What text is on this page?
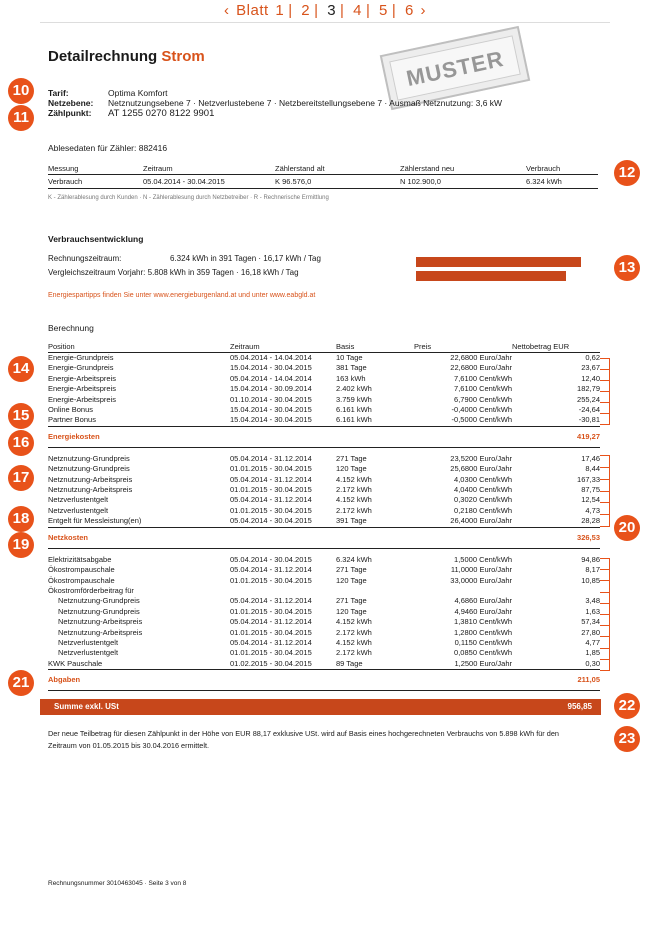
‹ Blatt 1 | 2 | 3 | 4 | 5 | 6 ›
Detailrechnung Strom	MUSTER
Tarif:	Optima Komfort
Netzebene: Netznutzungsebene 7 · Netzverlustebene 7 · Netzbereitstellungsebene 7 · Ausmaß Netznutzung: 3,6 kW
Zählpunkt: AT 1255 0270 8122 9901
Ablesedaten für Zähler: 882416
Messung	Zeitraum	Zählerstand alt	Zählerstand neu	Verbrauch
Verbrauch	05.04.2014 - 30.04.2015	K 96.576,0	N 102.900,0	6.324 kWh
K - Zählerablesung durch Kunden · N - Zählerablesung durch Netzbetreiber · R - Rechnerische Ermittlung
Verbrauchsentwicklung
Rechnungszeitraum:	6.324 kWh in 391 Tagen · 16,17 kWh / Tag
Vergleichszeitraum Vorjahr: 5.808 kWh in 359 Tagen · 16,18 kWh / Tag
Energiespartipps finden Sie unter www.energieburgenland.at und unter www.eabgld.at
Berechnung
Position	Zeitraum	Basis	Preis	Nettobetrag EUR
Energie-Grundpreis	05.04.2014 - 14.04.2014	10 Tage	22,6800 Euro/Jahr	0,62
Energie-Grundpreis	15.04.2014 - 30.04.2015	381 Tage	22,6800 Euro/Jahr	23,67
Energie-Arbeitspreis	05.04.2014 - 14.04.2014	163 kWh	7,6100 Cent/kWh	12,40
Energie-Arbeitspreis	15.04.2014 - 30.09.2014	2.402 kWh	7,6100 Cent/kWh	182,79
Energie-Arbeitspreis	01.10.2014 - 30.04.2015	3.759 kWh	6,7900 Cent/kWh	255,24
Online Bonus	15.04.2014 - 30.04.2015	6.161 kWh	-0,4000 Cent/kWh	-24,64
Partner Bonus	15.04.2014 - 30.04.2015	6.161 kWh	-0,5000 Cent/kWh	-30,81
Energiekosten				419,27

Netznutzung-Grundpreis	05.04.2014 - 31.12.2014	271 Tage	23,5200 Euro/Jahr	17,46
Netznutzung-Grundpreis	01.01.2015 - 30.04.2015	120 Tage	25,6800 Euro/Jahr	8,44
Netznutzung-Arbeitspreis	05.04.2014 - 31.12.2014	4.152 kWh	4,0300 Cent/kWh	167,33
Netznutzung-Arbeitspreis	01.01.2015 - 30.04.2015	2.172 kWh	4,0400 Cent/kWh	87,75
Netzverlustentgelt	05.04.2014 - 31.12.2014	4.152 kWh	0,3020 Cent/kWh	12,54
Netzverlustentgelt	01.01.2015 - 30.04.2015	2.172 kWh	0,2180 Cent/kWh	4,73
Entgelt für Messleistung(en)	05.04.2014 - 30.04.2015	391 Tage	26,4000 Euro/Jahr	28,28
Netzkosten				326,53

Elektrizitätsabgabe	05.04.2014 - 30.04.2015	6.324 kWh	1,5000 Cent/kWh	94,86
Ökostrompauschale	05.04.2014 - 31.12.2014	271 Tage	11,0000 Euro/Jahr	8,17
Ökostrompauschale	01.01.2015 - 30.04.2015	120 Tage	33,0000 Euro/Jahr	10,85
Ökostromförderbeitrag für				
Netznutzung-Grundpreis	05.04.2014 - 31.12.2014	271 Tage	4,6860 Euro/Jahr	3,48
Netznutzung-Grundpreis	01.01.2015 - 30.04.2015	120 Tage	4,9460 Euro/Jahr	1,63
Netznutzung-Arbeitspreis	05.04.2014 - 31.12.2014	4.152 kWh	1,3810 Cent/kWh	57,34
Netznutzung-Arbeitspreis	01.01.2015 - 30.04.2015	2.172 kWh	1,2800 Cent/kWh	27,80
Netzverlustentgelt	05.04.2014 - 31.12.2014	4.152 kWh	0,1150 Cent/kWh	4,77
Netzverlustentgelt	01.01.2015 - 30.04.2015	2.172 kWh	0,0850 Cent/kWh	1,85
KWK Pauschale	01.02.2015 - 30.04.2015	89 Tage	1,2500 Euro/Jahr	0,30
Abgaben				211,05
Summe exkl. USt	956,85
Der neue Teilbetrag für diesen Zählpunkt in der Höhe von EUR 88,17 exklusive USt. wird auf Basis eines hochgerechneten Verbrauchs von 5.898 kWh für den Zeitraum von 01.05.2015 bis 30.04.2016 ermittelt.
Rechnungsnummer 3010463045 · Seite 3 von 8
10
11
12
13
14
15
16
17
18
19
20
21
22
23
